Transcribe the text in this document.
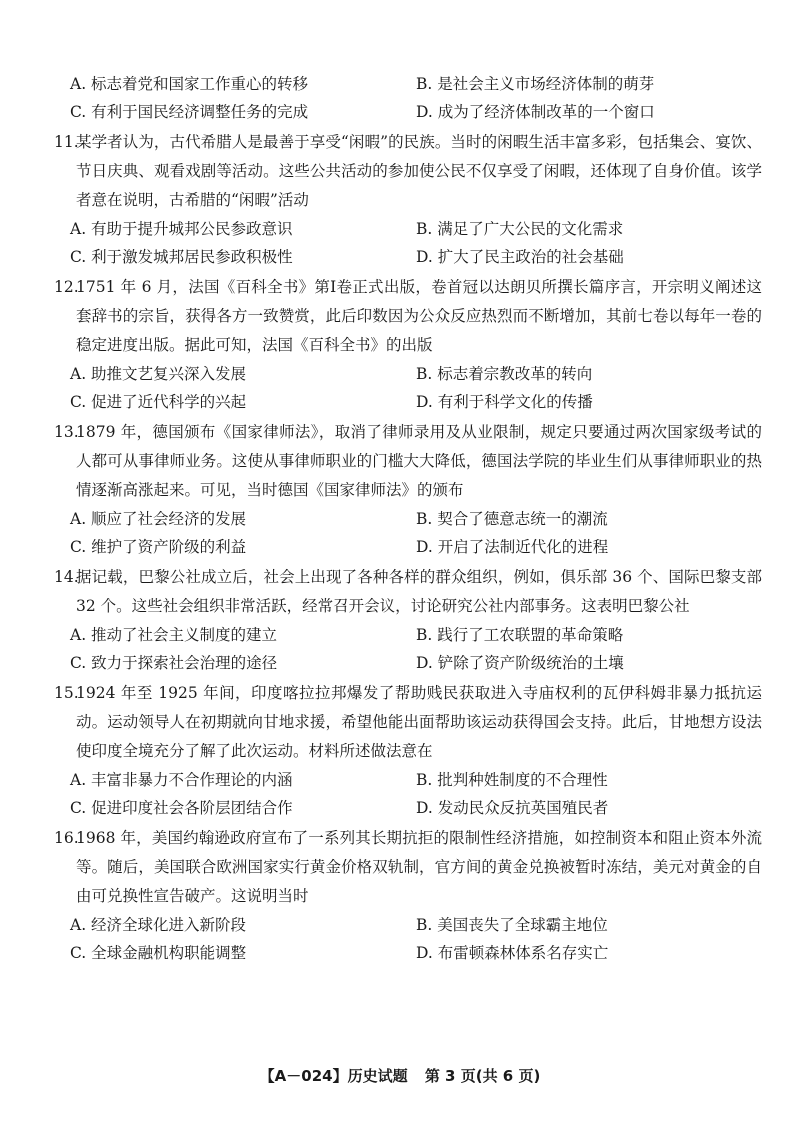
A. 标志着党和国家工作重心的转移	B. 是社会主义市场经济体制的萌芽
C. 有利于国民经济调整任务的完成	D. 成为了经济体制改革的一个窗口
11.
某学者认为，古代希腊人是最善于享受“闲暇”的民族。当时的闲暇生活丰富多彩，包括集会、宴饮、节日庆典、观看戏剧等活动。这些公共活动的参加使公民不仅享受了闲暇，还体现了自身价值。该学者意在说明，古希腊的“闲暇”活动
A. 有助于提升城邦公民参政意识	B. 满足了广大公民的文化需求
C. 利于激发城邦居民参政积极性	D. 扩大了民主政治的社会基础
12.
1751 年 6 月，法国《百科全书》第Ⅰ卷正式出版，卷首冠以达朗贝所撰长篇序言，开宗明义阐述这套辞书的宗旨，获得各方一致赞赏，此后印数因为公众反应热烈而不断增加，其前七卷以每年一卷的稳定进度出版。据此可知，法国《百科全书》的出版
A. 助推文艺复兴深入发展	B. 标志着宗教改革的转向
C. 促进了近代科学的兴起	D. 有利于科学文化的传播
13.
1879 年，德国颁布《国家律师法》，取消了律师录用及从业限制，规定只要通过两次国家级考试的人都可从事律师业务。这使从事律师职业的门槛大大降低，德国法学院的毕业生们从事律师职业的热情逐渐高涨起来。可见，当时德国《国家律师法》的颁布
A. 顺应了社会经济的发展	B. 契合了德意志统一的潮流
C. 维护了资产阶级的利益	D. 开启了法制近代化的进程
14.
据记载，巴黎公社成立后，社会上出现了各种各样的群众组织，例如，俱乐部 36 个、国际巴黎支部 32 个。这些社会组织非常活跃，经常召开会议，讨论研究公社内部事务。这表明巴黎公社
A. 推动了社会主义制度的建立	B. 践行了工农联盟的革命策略
C. 致力于探索社会治理的途径	D. 铲除了资产阶级统治的土壤
15.
1924 年至 1925 年间，印度喀拉拉邦爆发了帮助贱民获取进入寺庙权利的瓦伊科姆非暴力抵抗运动。运动领导人在初期就向甘地求援，希望他能出面帮助该运动获得国会支持。此后，甘地想方设法使印度全境充分了解了此次运动。材料所述做法意在
A. 丰富非暴力不合作理论的内涵	B. 批判种姓制度的不合理性
C. 促进印度社会各阶层团结合作	D. 发动民众反抗英国殖民者
16.
1968 年，美国约翰逊政府宣布了一系列其长期抗拒的限制性经济措施，如控制资本和阻止资本外流等。随后，美国联合欧洲国家实行黄金价格双轨制，官方间的黄金兑换被暂时冻结，美元对黄金的自由可兑换性宣告破产。这说明当时
A. 经济全球化进入新阶段	B. 美国丧失了全球霸主地位
C. 全球金融机构职能调整	D. 布雷顿森林体系名存实亡
【A－024】历史试题 第 3 页(共 6 页)
